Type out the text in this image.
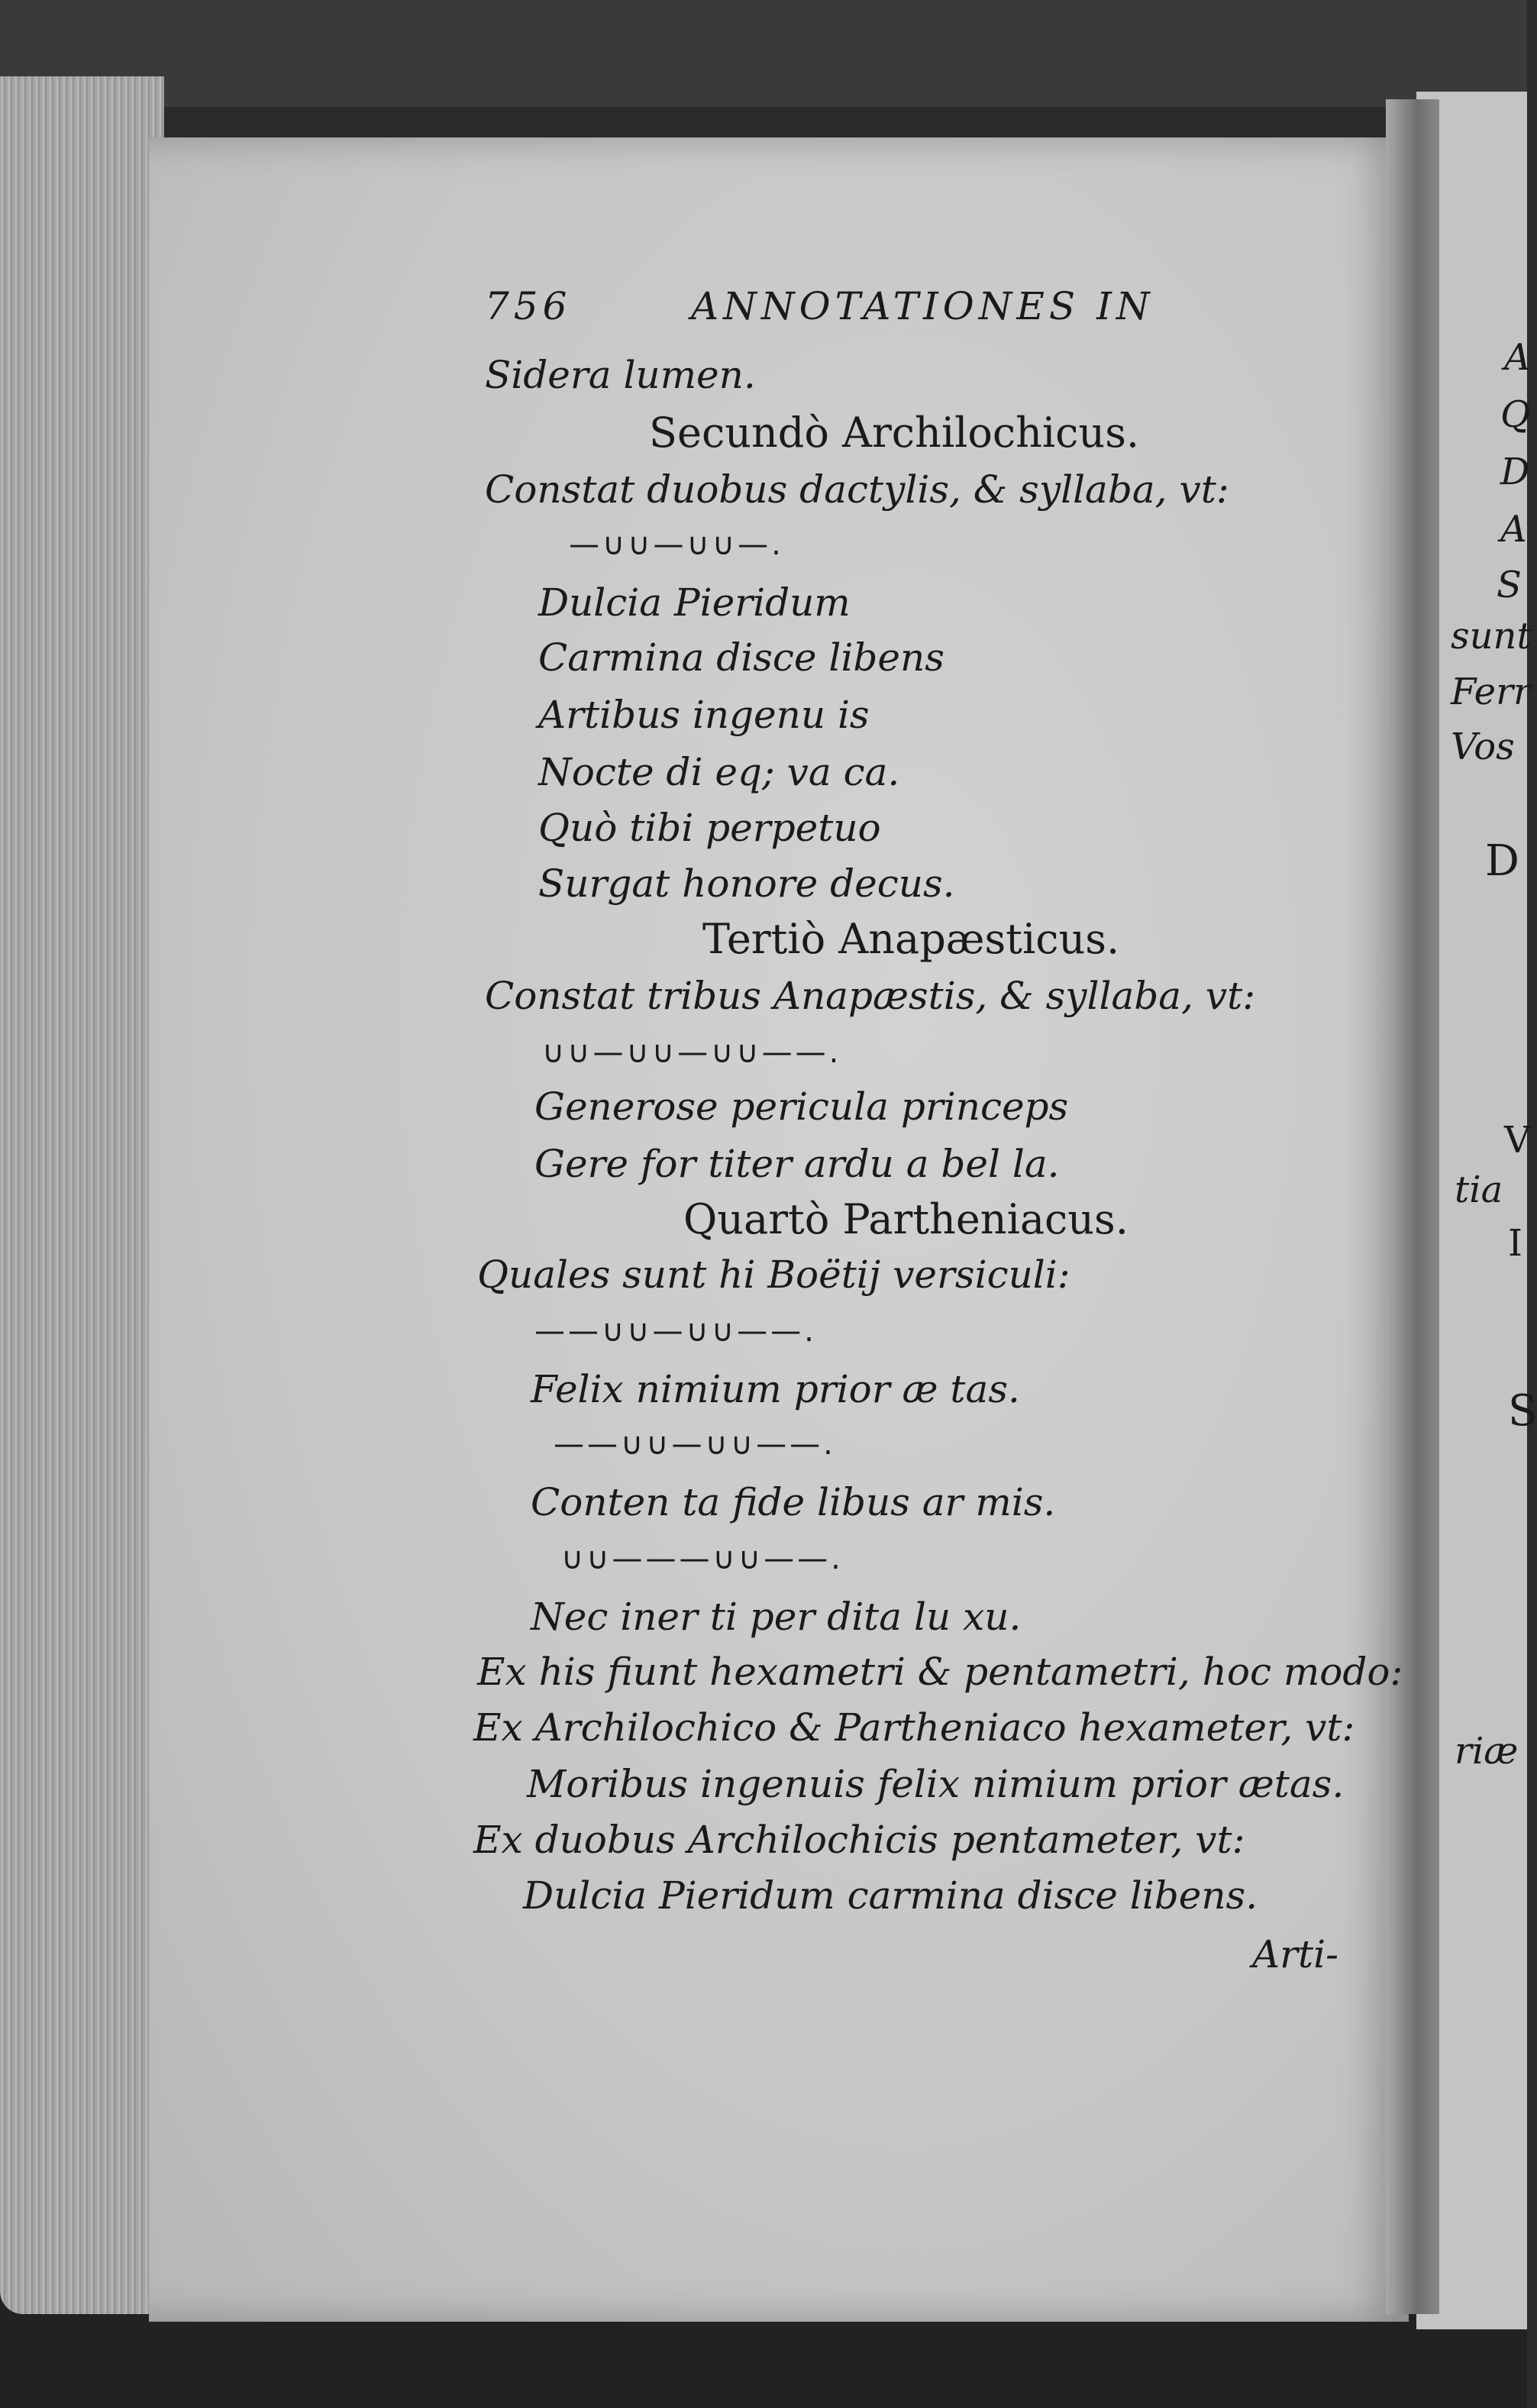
756	ANNOTATIONES IN
Sidera lumen.
Secundò Archilochicus.
Constat duobus dactylis, & syllaba, vt:
—∪∪—∪∪—.
Dulcia Pieridum
Carmina disce libens
Artibus ingenu is
Nocte di eq; va ca.
Quò tibi perpetuo
Surgat honore decus.
Tertiò Anapæsticus.
Constat tribus Anapæstis, & syllaba, vt:
∪∪—∪∪—∪∪——.
Generose pericula princeps
Gere for titer ardu a bel la.
Quartò Partheniacus.
Quales sunt hi Boëtij versiculi:
——∪∪—∪∪——.
Felix nimium prior æ tas.
——∪∪—∪∪——.
Conten ta fide libus ar mis.
∪∪———∪∪——.
Nec iner ti per dita lu xu.
Ex his fiunt hexametri & pentametri, hoc modo:
Ex Archilochico & Partheniaco hexameter, vt:
Moribus ingenuis felix nimium prior ætas.
Ex duobus Archilochicis pentameter, vt:
Dulcia Pieridum carmina disce libens.
Arti-
A
Q
D
A
S
sunt
Ferr
Vos
D
V
tia
I
S
riæ
